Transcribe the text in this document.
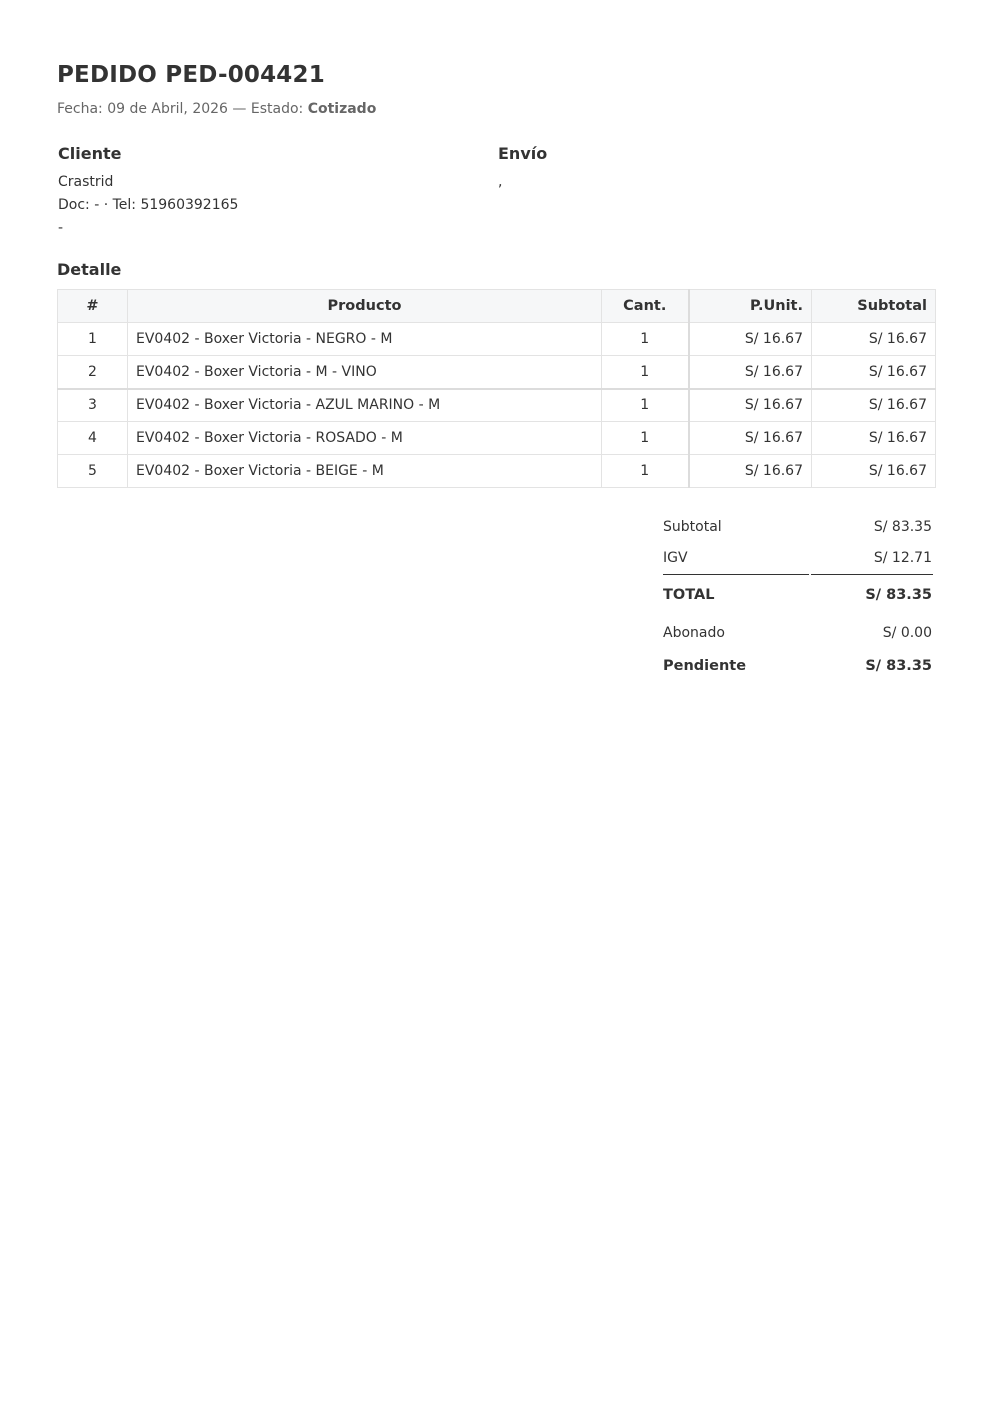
PEDIDO PED-004421
Fecha: 09 de Abril, 2026 — Estado: Cotizado
Cliente
Crastrid
Doc: - · Tel: 51960392165
-
Envío
,
Detalle
#	Producto	Cant.	P.Unit.	Subtotal
1	EV0402 - Boxer Victoria - NEGRO - M	1	S/ 16.67	S/ 16.67
2	EV0402 - Boxer Victoria - M - VINO	1	S/ 16.67	S/ 16.67
3	EV0402 - Boxer Victoria - AZUL MARINO - M	1	S/ 16.67	S/ 16.67
4	EV0402 - Boxer Victoria - ROSADO - M	1	S/ 16.67	S/ 16.67
5	EV0402 - Boxer Victoria - BEIGE - M	1	S/ 16.67	S/ 16.67
Subtotal	S/ 83.35
IGV	S/ 12.71
TOTAL	S/ 83.35
Abonado	S/ 0.00
Pendiente	S/ 83.35
